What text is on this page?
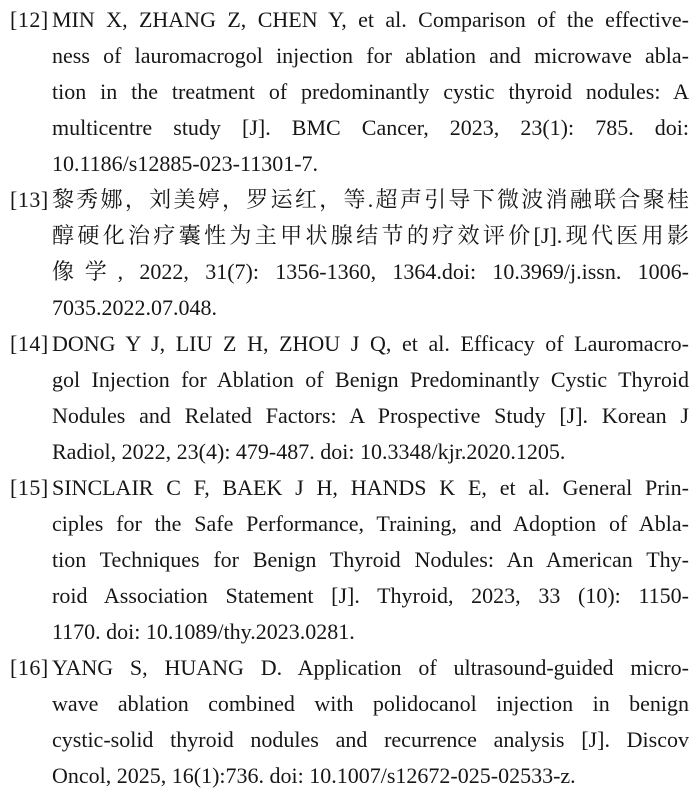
[12] MIN X, ZHANG Z, CHEN Y, et al. Comparison of the effective-
ness of lauromacrogol injection for ablation and microwave abla-
tion in the treatment of predominantly cystic thyroid nodules: A
multicentre study [J]. BMC Cancer, 2023, 23(1): 785. doi:
10.1186/s12885-023-11301-7.
[13] 黎秀娜，刘美婷，罗运红，等.超声引导下微波消融联合聚桂
醇硬化治疗囊性为主甲状腺结节的疗效评价[J].现代医用影
像学, 2022, 31(7): 1356-1360, 1364.doi: 10.3969/j.issn. 1006-
7035.2022.07.048.
[14] DONG Y J, LIU Z H, ZHOU J Q, et al. Efficacy of Lauromacro-
gol Injection for Ablation of Benign Predominantly Cystic Thyroid
Nodules and Related Factors: A Prospective Study [J]. Korean J
Radiol, 2022, 23(4): 479-487. doi: 10.3348/kjr.2020.1205.
[15] SINCLAIR C F, BAEK J H, HANDS K E, et al. General Prin-
ciples for the Safe Performance, Training, and Adoption of Abla-
tion Techniques for Benign Thyroid Nodules: An American Thy-
roid Association Statement [J]. Thyroid, 2023, 33 (10): 1150-
1170. doi: 10.1089/thy.2023.0281.
[16] YANG S, HUANG D. Application of ultrasound-guided micro-
wave ablation combined with polidocanol injection in benign
cystic-solid thyroid nodules and recurrence analysis [J]. Discov
Oncol, 2025, 16(1):736. doi: 10.1007/s12672-025-02533-z.
